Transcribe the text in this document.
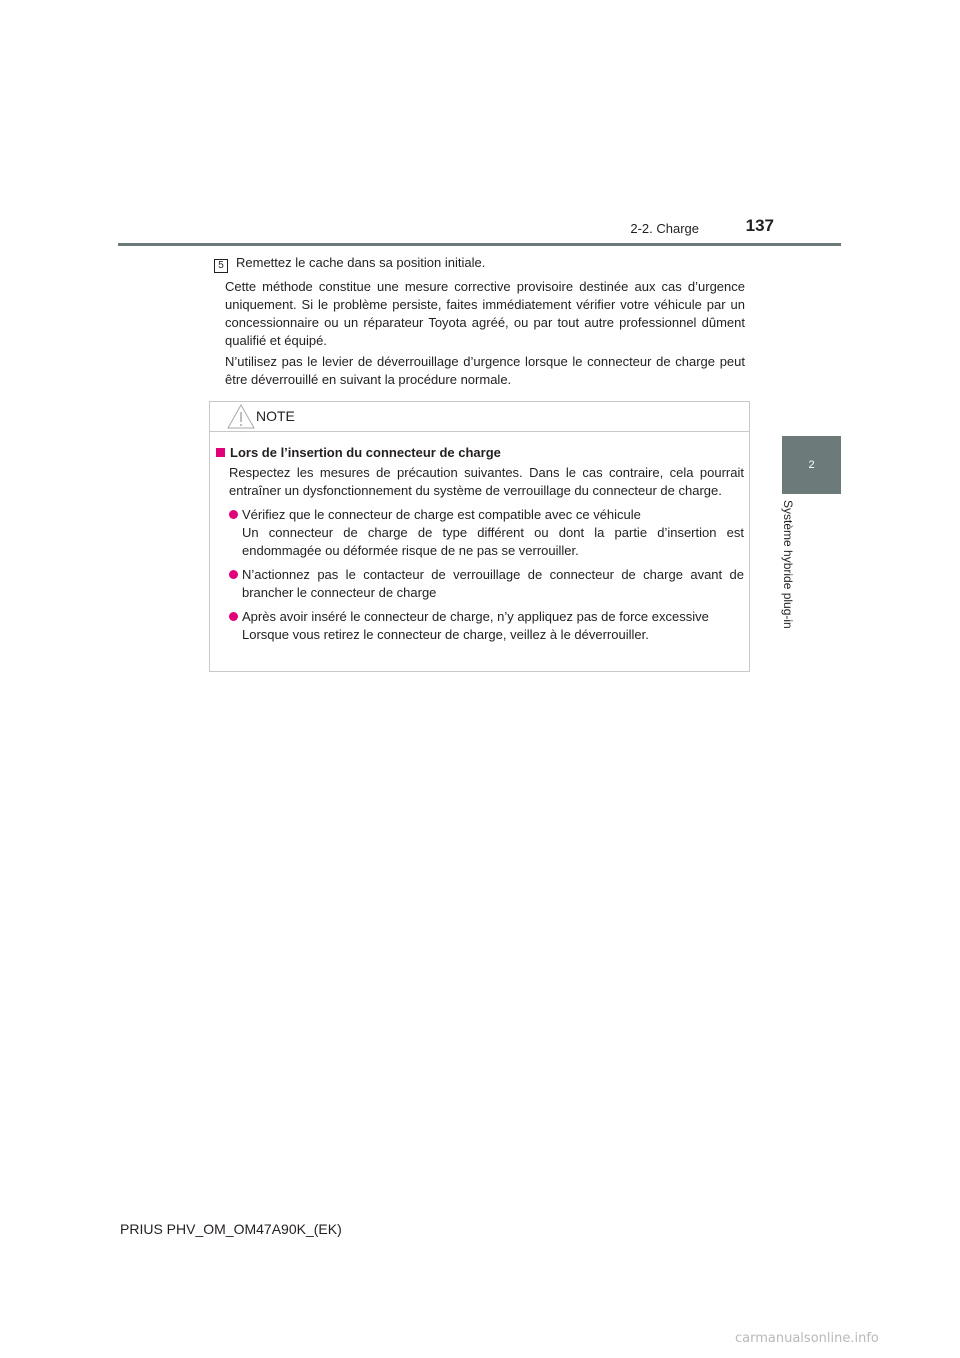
2-2. Charge	137
2
Système hybride plug-in
5 Remettez le cache dans sa position initiale.

Cette méthode constitue une mesure corrective provisoire destinée aux cas d’urgence uniquement. Si le problème persiste, faites immédiatement vérifier votre véhicule par un concessionnaire ou un réparateur Toyota agréé, ou par tout autre professionnel dûment qualifié et équipé.

N’utilisez pas le levier de déverrouillage d’urgence lorsque le connecteur de charge peut être déverrouillé en suivant la procédure normale.

NOTE

Lors de l’insertion du connecteur de charge

Respectez les mesures de précaution suivantes. Dans le cas contraire, cela pourrait entraîner un dysfonctionnement du système de verrouillage du connecteur de charge.

Vérifiez que le connecteur de charge est compatible avec ce véhicule

Un connecteur de charge de type différent ou dont la partie d’insertion est endommagée ou déformée risque de ne pas se verrouiller.

N’actionnez pas le contacteur de verrouillage de connecteur de charge avant de brancher le connecteur de charge

Après avoir inséré le connecteur de charge, n’y appliquez pas de force excessive

Lorsque vous retirez le connecteur de charge, veillez à le déverrouiller.

PRIUS PHV_OM_OM47A90K_(EK)
carmanualsonline.info
